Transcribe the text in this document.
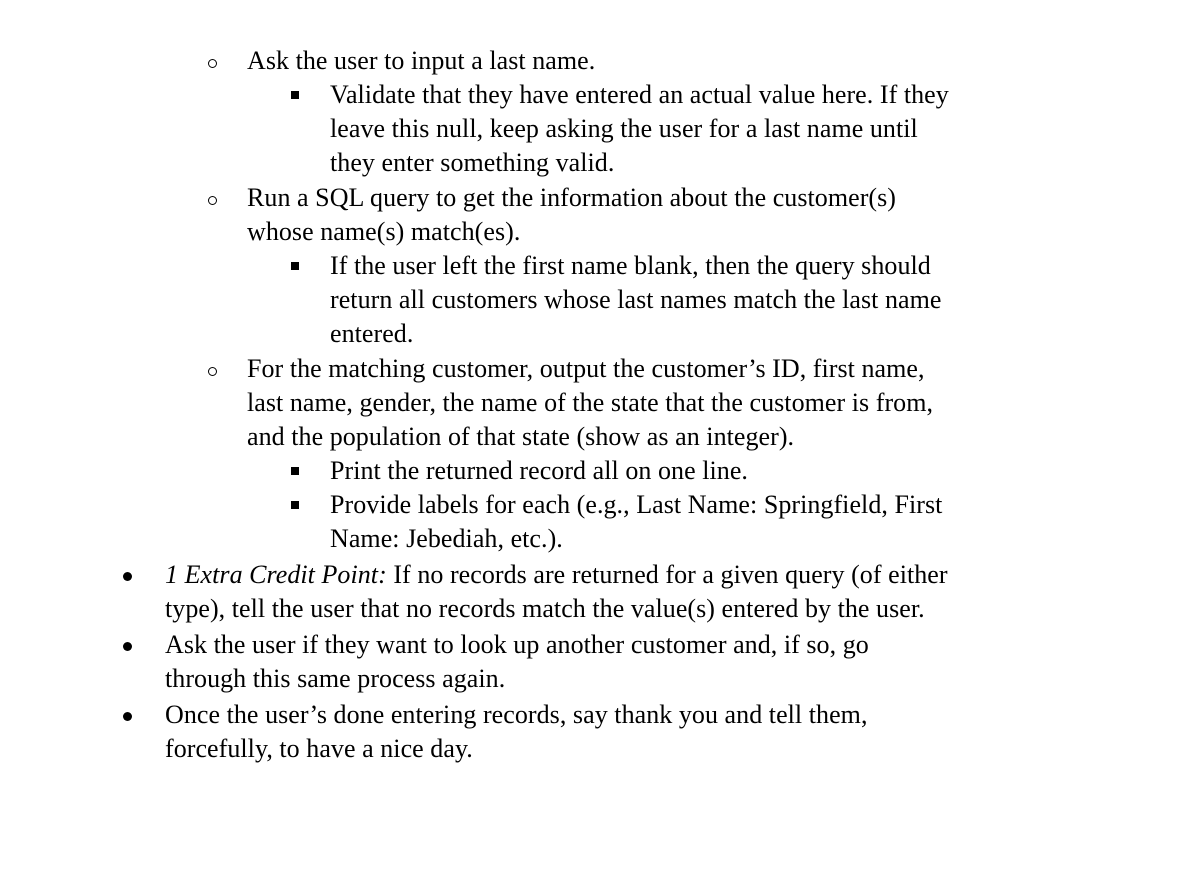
Ask the user to input a last name.
Validate that they have entered an actual value here. If they
leave this null, keep asking the user for a last name until
they enter something valid.
Run a SQL query to get the information about the customer(s)
whose name(s) match(es).
If the user left the first name blank, then the query should
return all customers whose last names match the last name
entered.
For the matching customer, output the customer’s ID, first name,
last name, gender, the name of the state that the customer is from,
and the population of that state (show as an integer).
Print the returned record all on one line.
Provide labels for each (e.g., Last Name: Springfield, First
Name: Jebediah, etc.).
1 Extra Credit Point: If no records are returned for a given query (of either
type), tell the user that no records match the value(s) entered by the user.
Ask the user if they want to look up another customer and, if so, go
through this same process again.
Once the user’s done entering records, say thank you and tell them,
forcefully, to have a nice day.
